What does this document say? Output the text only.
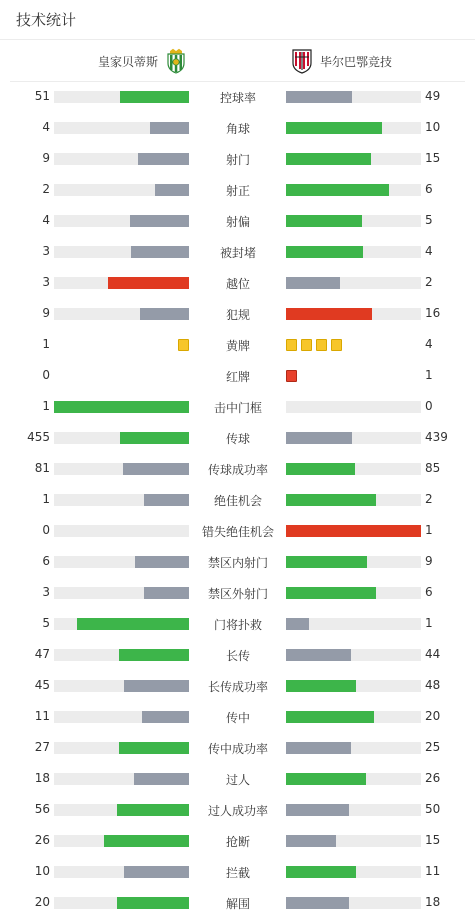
技术统计
皇家贝蒂斯	毕尔巴鄂竞技
51	控球率	49
4	角球	10
9	射门	15
2	射正	6
4	射偏	5
3	被封堵	4
3	越位	2
9	犯规	16
1	黄牌	4
0	红牌	1
1	击中门框	0
455	传球	439
81	传球成功率	85
1	绝佳机会	2
0	错失绝佳机会	1
6	禁区内射门	9
3	禁区外射门	6
5	门将扑救	1
47	长传	44
45	长传成功率	48
11	传中	20
27	传中成功率	25
18	过人	26
56	过人成功率	50
26	抢断	15
10	拦截	11
20	解围	18
